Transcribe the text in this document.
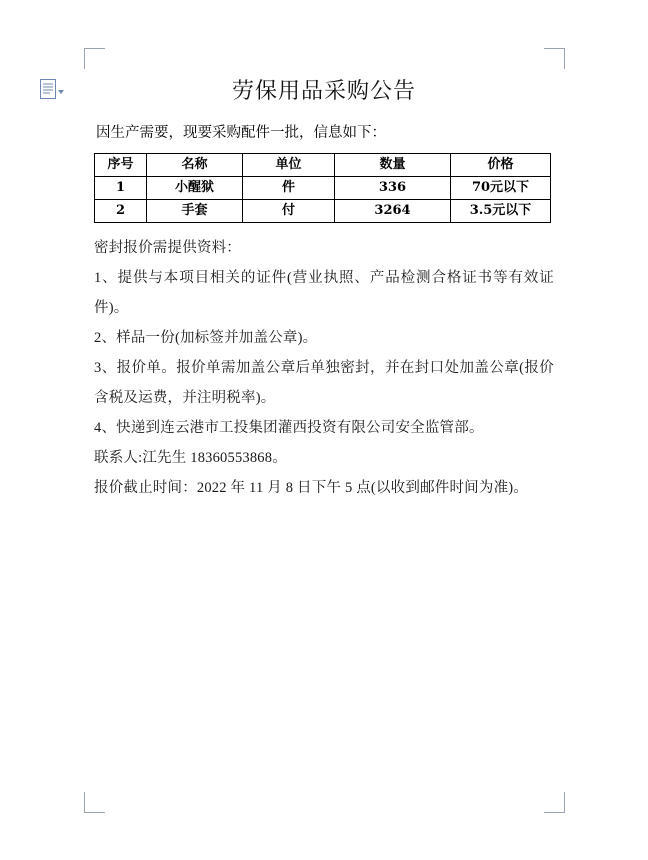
劳保用品采购公告

因生产需要，现要采购配件一批，信息如下：

序号	名称	单位	数量	价格
1	小醒狱	件	336	70元以下
2	手套	付	3264	3.5元以下

密封报价需提供资料：

1、提供与本项目相关的证件(营业执照、产品检测合格证书等有效证件)。

2、样品一份(加标签并加盖公章)。

3、报价单。报价单需加盖公章后单独密封，并在封口处加盖公章(报价含税及运费，并注明税率)。

4、快递到连云港市工投集团灌西投资有限公司安全监管部。

联系人:江先生 18360553868。

报价截止时间：2022 年 11 月 8 日下午 5 点(以收到邮件时间为准)。
